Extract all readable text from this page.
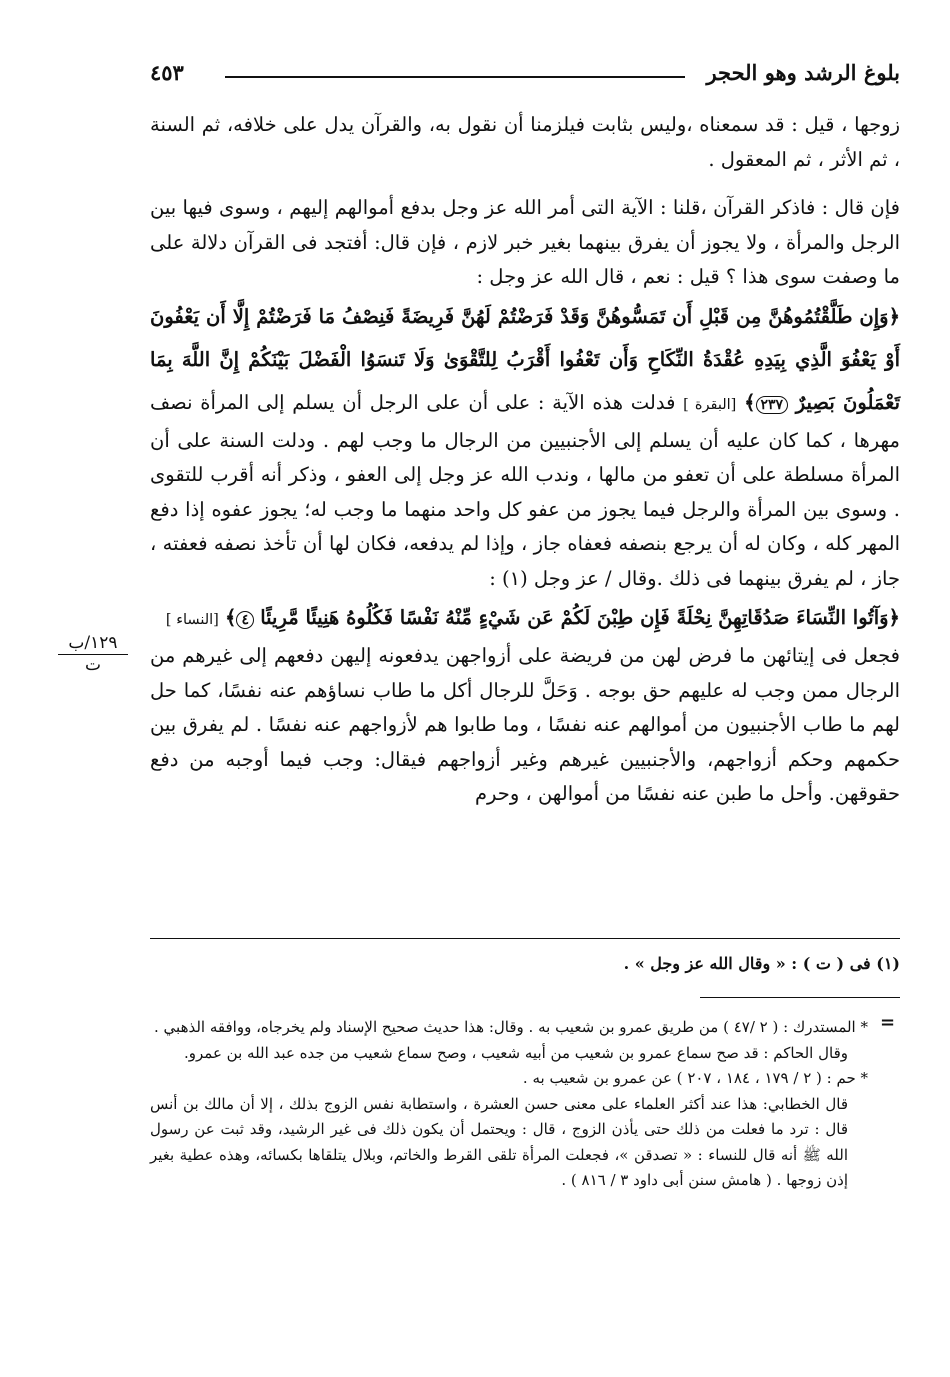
بلوغ الرشد وهو الحجر
٤٥٣

زوجها ، قيل : قد سمعناه ،وليس بثابت فيلزمنا أن نقول به، والقرآن يدل على خلافه، ثم السنة ، ثم الأثر ، ثم المعقول .

فإن قال : فاذكر القرآن ،قلنا : الآية التى أمر الله عز وجل بدفع أموالهم إليهم ، وسوى فيها بين الرجل والمرأة ، ولا يجوز أن يفرق بينهما بغير خبر لازم ، فإن قال: أفتجد فى القرآن دلالة على ما وصفت سوى هذا ؟ قيل : نعم ، قال الله عز وجل :

﴿وَإِن طَلَّقْتُمُوهُنَّ مِن قَبْلِ أَن تَمَسُّوهُنَّ وَقَدْ فَرَضْتُمْ لَهُنَّ فَرِيضَةً فَنِصْفُ مَا فَرَضْتُمْ إِلَّا أَن يَعْفُونَ أَوْ يَعْفُوَ الَّذِي بِيَدِهِ عُقْدَةُ النِّكَاحِ وَأَن تَعْفُوا أَقْرَبُ لِلتَّقْوَىٰ وَلَا تَنسَوُا الْفَضْلَ بَيْنَكُمْ إِنَّ اللَّهَ بِمَا تَعْمَلُونَ بَصِيرٌ ٢٣٧﴾ [البقرة ] فدلت هذه الآية : على أن على الرجل أن يسلم إلى المرأة نصف مهرها ، كما كان عليه أن يسلم إلى الأجنبيين من الرجال ما وجب لهم . ودلت السنة على أن المرأة مسلطة على أن تعفو من مالها ، وندب الله عز وجل إلى العفو ، وذكر أنه أقرب للتقوى . وسوى بين المرأة والرجل فيما يجوز من عفو كل واحد منهما ما وجب له؛ يجوز عفوه إذا دفع المهر كله ، وكان له أن يرجع بنصفه فعفاه جاز ، وإذا لم يدفعه، فكان لها أن تأخذ نصفه فعفته ، جاز ، لم يفرق بينهما فى ذلك .وقال / عز وجل (١) :

﴿وَآتُوا النِّسَاءَ صَدُقَاتِهِنَّ نِحْلَةً فَإِن طِبْنَ لَكُمْ عَن شَيْءٍ مِّنْهُ نَفْسًا فَكُلُوهُ هَنِيئًا مَّرِيئًا ٤﴾ [النساء ]

فجعل فى إيتائهن ما فرض لهن من فريضة على أزواجهن يدفعونه إليهن دفعهم إلى غيرهم من الرجال ممن وجب له عليهم حق بوجه . وَحَلَّ للرجال أكل ما طاب نساؤهم عنه نفسًا، كما حل لهم ما طاب الأجنبيون من أموالهم عنه نفسًا ، وما طابوا هم لأزواجهم عنه نفسًا . لم يفرق بين حكمهم وحكم أزواجهم، والأجنبيين غيرهم وغير أزواجهم فيقال: وجب فيما أوجبه من دفع حقوقهن. وأحل ما طبن عنه نفسًا من أموالهن ، وحرم

١٢٩/ب
ت
(١) فى ( ت ) : « وقال الله عز وجل » .
=

* المستدرك : ( ٢ /٤٧ ) من طريق عمرو بن شعيب به . وقال: هذا حديث صحيح الإسناد ولم يخرجاه، ووافقه الذهبي .

وقال الحاكم : قد صح سماع عمرو بن شعيب من أبيه شعيب ، وصح سماع شعيب من جده عبد الله بن عمرو.

* حم : ( ٢ / ١٧٩ ، ١٨٤ ، ٢٠٧ ) عن عمرو بن شعيب به .

قال الخطابي: هذا عند أكثر العلماء على معنى حسن العشرة ، واستطابة نفس الزوج بذلك ، إلا أن مالك بن أنس قال : ترد ما فعلت من ذلك حتى يأذن الزوج ، قال : ويحتمل أن يكون ذلك فى غير الرشيد، وقد ثبت عن رسول الله ﷺ أنه قال للنساء : « تصدقن »، فجعلت المرأة تلقى القرط والخاتم، وبلال يتلقاها بكسائه، وهذه عطية بغير إذن زوجها . ( هامش سنن أبى داود ٣ / ٨١٦ ) .
